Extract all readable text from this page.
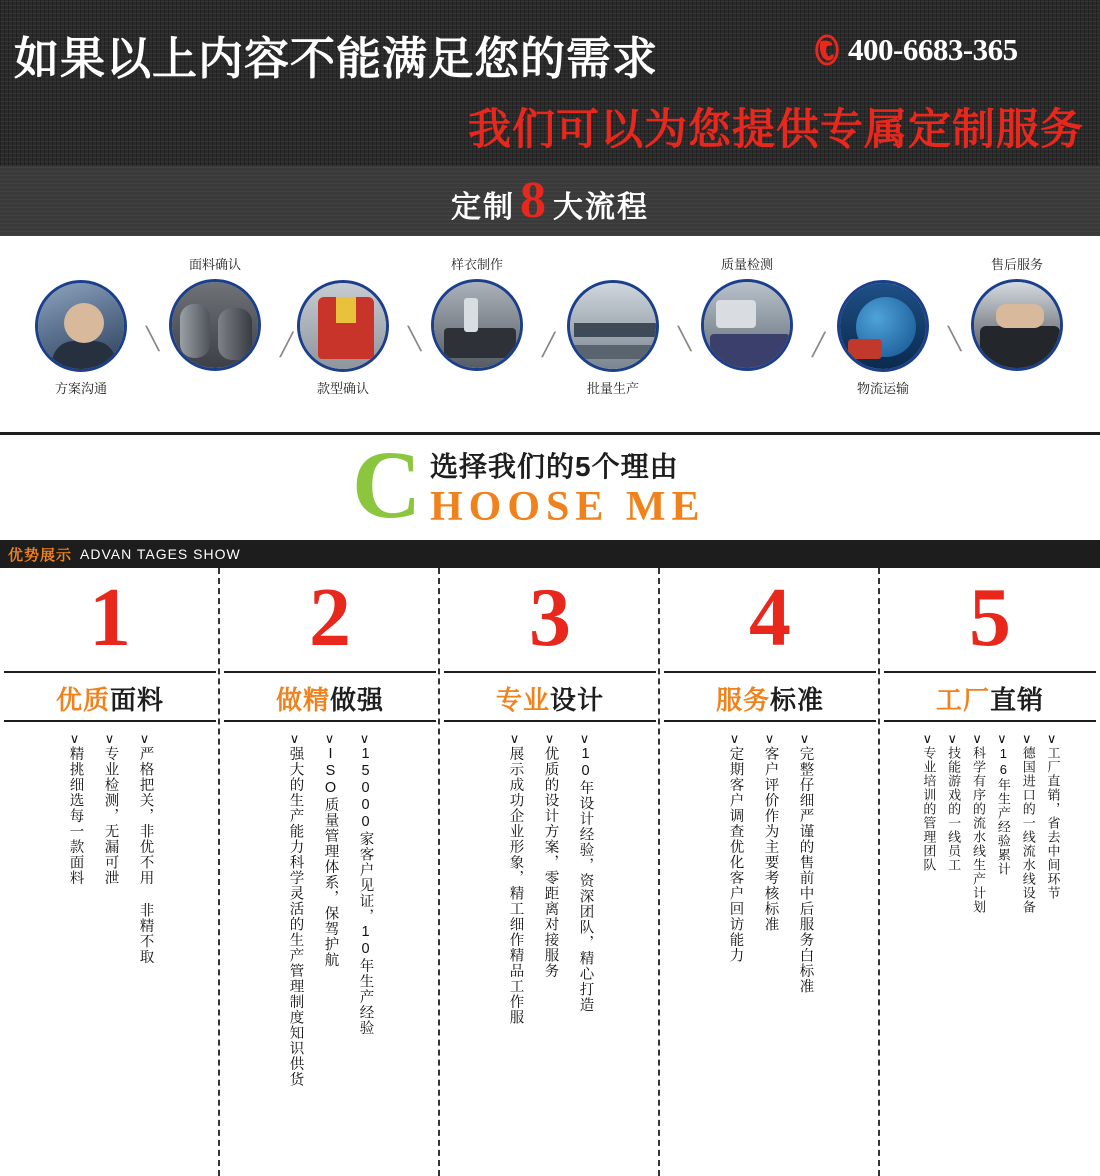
如果以上内容不能满足您的需求	400-6683-365
我们可以为您提供专属定制服务
定制 8 大流程
方案沟通
╲
面料确认
╱
款型确认
╲
样衣制作
╱
批量生产
╲
质量检测
╱
物流运输
╲
售后服务
C 选择我们的5个理由
HOOSE ME
优势展示 ADVAN TAGES SHOW
1
优质面料
∨ 严格把关，非优不用 非精不取
∨ 专业检测，无漏可泄
∨ 精挑细选每一款面料
2
做精做强
∨ 15000家客户见证，10年生产经验
∨ ISO质量管理体系，保驾护航
∨ 强大的生产能力科学灵活的生产管理制度知识供货
3
专业设计
∨ 10年设计经验，资深团队，精心打造
∨ 优质的设计方案，零距离对接服务
∨ 展示成功企业形象，精工细作精品工作服
4
服务标准
∨ 完整仔细严谨的售前中后服务白标准
∨ 客户评价作为主要考核标准
∨ 定期客户调查优化客户回访能力
5
工厂直销
∨ 工厂直销，省去中间环节
∨ 德国进口的一线流水线设备
∨ 16年生产经验累计
∨ 科学有序的流水线生产计划
∨ 技能游戏的一线员工
∨ 专业培训的管理团队
